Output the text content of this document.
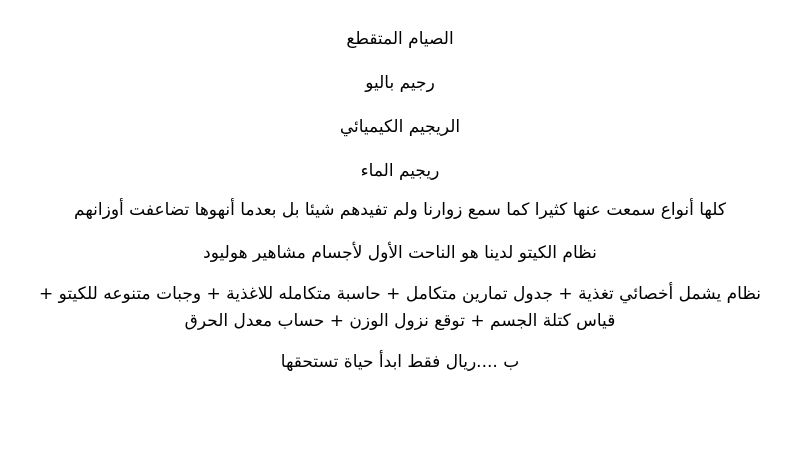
الصيام المتقطع
رجيم باليو
الريجيم الكيميائي
ريجيم الماء
كلها أنواع سمعت عنها كثيرا كما سمع زوارنا ولم تفيدهم شيئا بل بعدما أنهوها تضاعفت أوزانهم
نظام الكيتو لدينا هو الناحت الأول لأجسام مشاهير هوليود
نظام يشمل أخصائي تغذية + جدول تمارين متكامل + حاسبة متكامله للاغذية + وجبات متنوعه للكيتو + قياس كتلة الجسم + توقع نزول الوزن + حساب معدل الحرق
ب ....ريال فقط ابدأ حياة تستحقها
